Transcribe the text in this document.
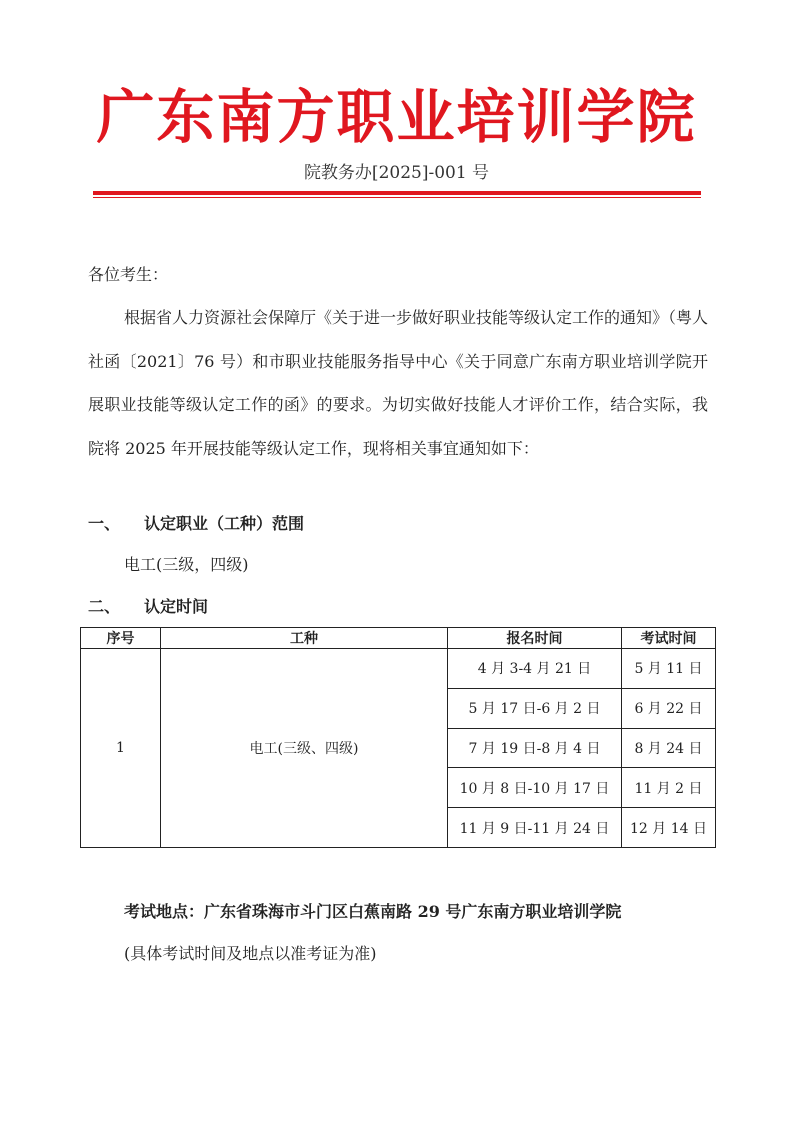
广东南方职业培训学院
院教务办[2025]-001 号
各位考生：
根据省人力资源社会保障厅《关于进一步做好职业技能等级认定工作的通知》（粤人社函〔2021〕76 号）和市职业技能服务指导中心《关于同意广东南方职业培训学院开展职业技能等级认定工作的函》的要求。为切实做好技能人才评价工作，结合实际，我院将 2025 年开展技能等级认定工作，现将相关事宜通知如下：
一、 认定职业（工种）范围
电工(三级，四级)
二、 认定时间
序号	工种	报名时间	考试时间
1	电工(三级、四级)	4 月 3-4 月 21 日	5 月 11 日
		5 月 17 日-6 月 2 日	6 月 22 日
		7 月 19 日-8 月 4 日	8 月 24 日
		10 月 8 日-10 月 17 日	11 月 2 日
		11 月 9 日-11 月 24 日	12 月 14 日
考试地点：广东省珠海市斗门区白蕉南路 29 号广东南方职业培训学院
(具体考试时间及地点以准考证为准)
